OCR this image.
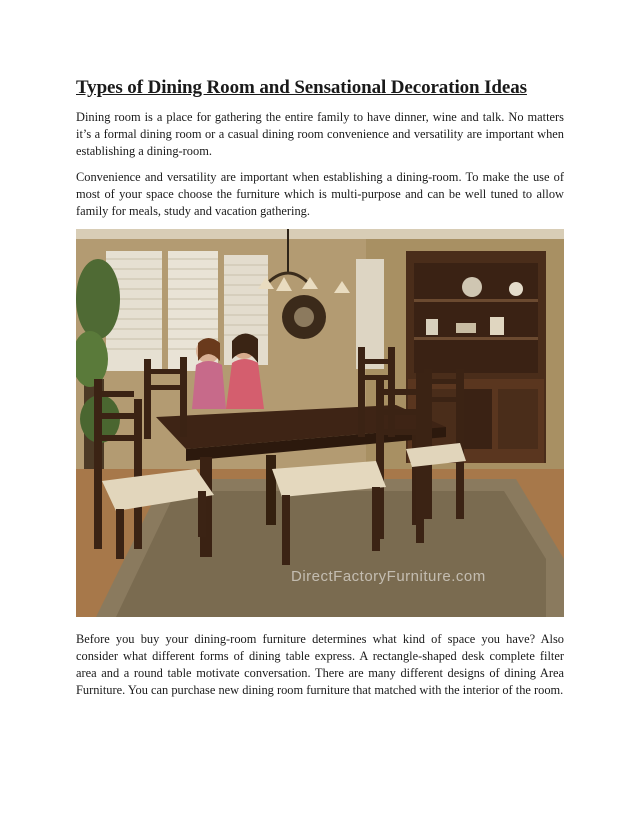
Types of Dining Room and Sensational Decoration Ideas

Dining room is a place for gathering the entire family to have dinner, wine and talk. No matters it’s a formal dining room or a casual dining room convenience and versatility are important when establishing a dining-room.

Convenience and versatility are important when establishing a dining-room. To make the use of most of your space choose the furniture which is multi-purpose and can be well tuned to allow family for meals, study and vacation gathering.

DirectFactoryFurniture.com

Before you buy your dining-room furniture determines what kind of space you have? Also consider what different forms of dining table express. A rectangle-shaped desk complete filter area and a round table motivate conversation. There are many different designs of dining Area Furniture. You can purchase new dining room furniture that matched with the interior of the room.
